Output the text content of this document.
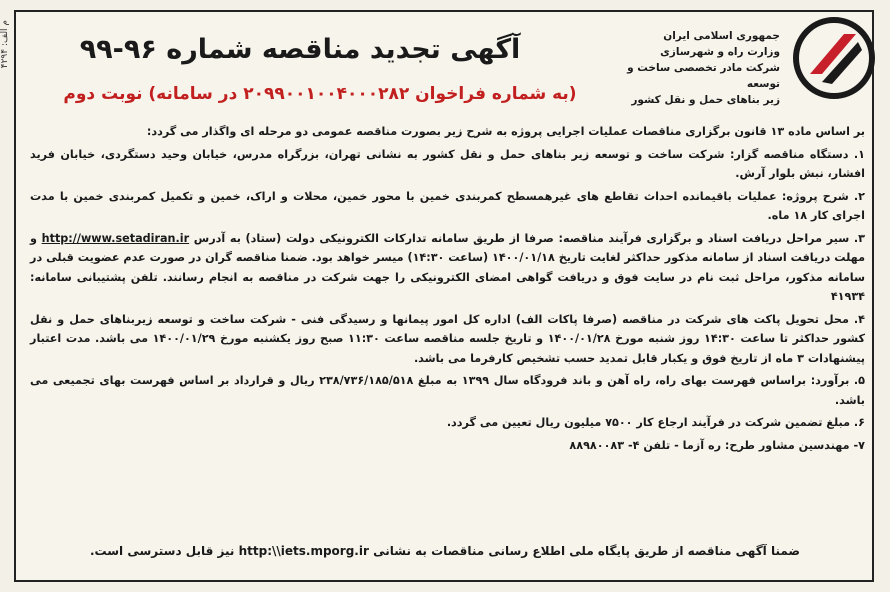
م الف: ۴۲۹۴	جمهوری اسلامی ایران
وزارت راه و شهرسازی
شرکت مادر تخصصی ساخت و توسعه
زیر بناهای حمل و نقل کشور
آگهی تجدید مناقصه شماره ۹۶-۹۹
(به شماره فراخوان ۲۰۹۹۰۰۱۰۰۴۰۰۰۲۸۲ در سامانه) نوبت دوم

بر اساس ماده ۱۳ قانون برگزاری مناقصات عملیات اجرایی پروژه به شرح زیر بصورت مناقصه عمومی دو مرحله ای واگذار می گردد:

۱. دستگاه مناقصه گزار: شرکت ساخت و توسعه زیر بناهای حمل و نقل کشور به نشانی تهران، بزرگراه مدرس، خیابان وحید دستگردی، خیابان فرید افشار، نبش بلوار آرش.

۲. شرح پروژه: عملیات باقیمانده احداث تقاطع های غیرهمسطح کمربندی خمین با محور خمین، محلات و اراک، خمین و تکمیل کمربندی خمین با مدت اجرای کار ۱۸ ماه.

۳. سیر مراحل دریافت اسناد و برگزاری فرآیند مناقصه: صرفا از طریق سامانه تدارکات الکترونیکی دولت (ستاد) به آدرس http://www.setadiran.ir و مهلت دریافت اسناد از سامانه مذکور حداکثر لغایت تاریخ ۱۴۰۰/۰۱/۱۸ (ساعت ۱۴:۳۰) میسر خواهد بود. ضمنا مناقصه گران در صورت عدم عضویت قبلی در سامانه مذکور، مراحل ثبت نام در سایت فوق و دریافت گواهی امضای الکترونیکی را جهت شرکت در مناقصه به انجام رسانند. تلفن پشتیبانی سامانه: ۴۱۹۳۴

۴. محل تحویل پاکت های شرکت در مناقصه (صرفا پاکات الف) اداره کل امور پیمانها و رسیدگی فنی - شرکت ساخت و توسعه زیربناهای حمل و نقل کشور حداکثر تا ساعت ۱۴:۳۰ روز شنبه مورخ ۱۴۰۰/۰۱/۲۸ و تاریخ جلسه مناقصه ساعت ۱۱:۳۰ صبح روز یکشنبه مورخ ۱۴۰۰/۰۱/۲۹ می باشد. مدت اعتبار پیشنهادات ۳ ماه از تاریخ فوق و یکبار قابل تمدید حسب تشخیص کارفرما می باشد.

۵. برآورد: براساس فهرست بهای راه، راه آهن و باند فرودگاه سال ۱۳۹۹ به مبلغ ۲۳۸/۷۳۶/۱۸۵/۵۱۸ ریال و قرارداد بر اساس فهرست بهای تجمیعی می باشد.

۶. مبلغ تضمین شرکت در فرآیند ارجاع کار ۷۵۰۰ میلیون ریال تعیین می گردد.

۷- مهندسین مشاور طرح: ره آزما - تلفن ۴- ۸۸۹۸۰۰۸۳

ضمنا آگهی مناقصه از طریق پایگاه ملی اطلاع رسانی مناقصات به نشانی http:\\iets.mporg.ir نیز قابل دسترسی است.
